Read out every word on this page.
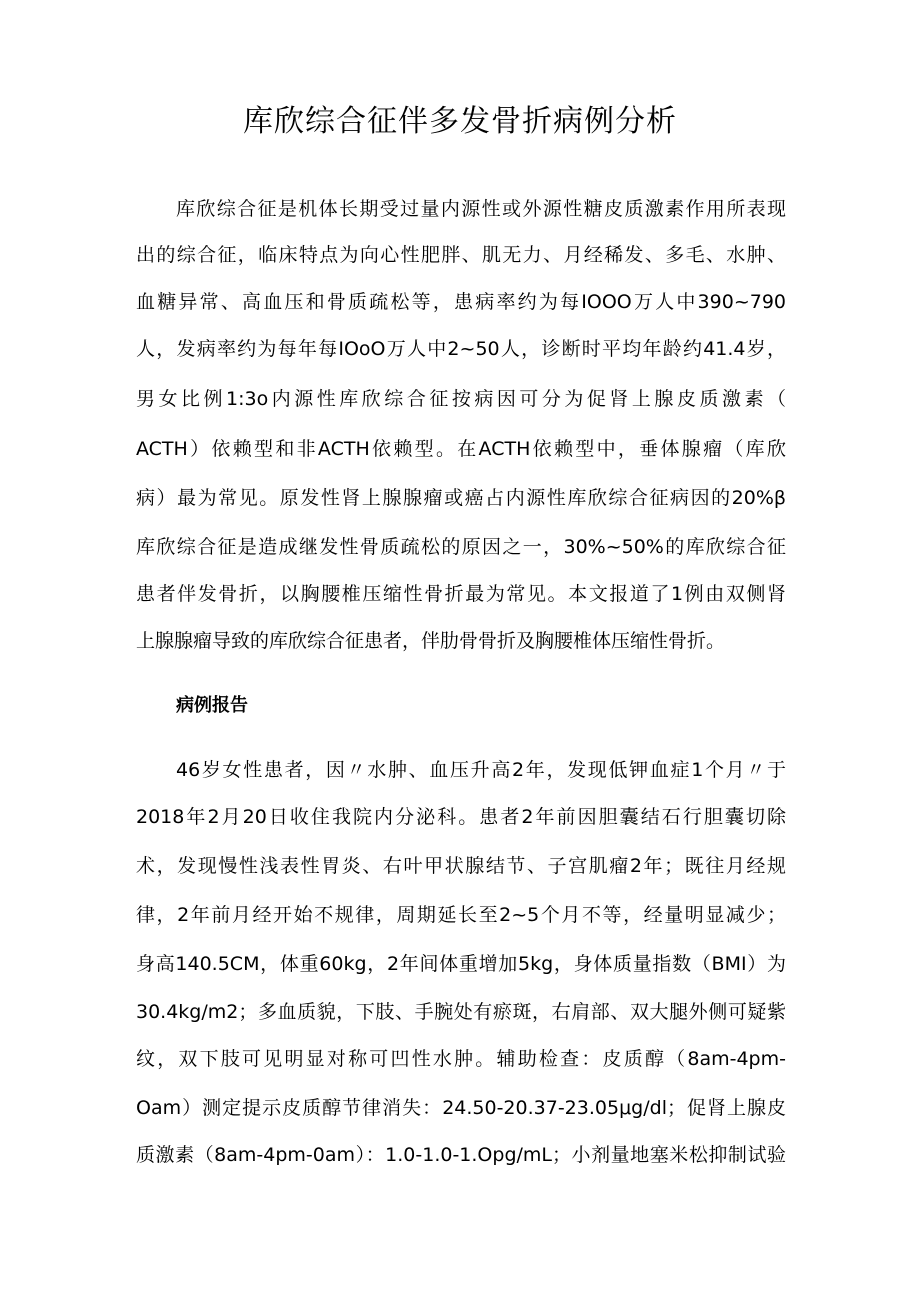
库欣综合征伴多发骨折病例分析
库欣综合征是机体长期受过量内源性或外源性糖皮质激素作用所表现
出的综合征，临床特点为向心性肥胖、肌无力、月经稀发、多毛、水肿、
血糖异常、高血压和骨质疏松等，患病率约为每IOOO万人中390~790
人，发病率约为每年每IOoO万人中2~50人，诊断时平均年龄约41.4岁，
男女比例1:3o内源性库欣综合征按病因可分为促肾上腺皮质激素（
ACTH）依赖型和非ACTH依赖型。在ACTH依赖型中，垂体腺瘤（库欣
病）最为常见。原发性肾上腺腺瘤或癌占内源性库欣综合征病因的20%β
库欣综合征是造成继发性骨质疏松的原因之一，30%~50%的库欣综合征
患者伴发骨折，以胸腰椎压缩性骨折最为常见。本文报道了1例由双侧肾
上腺腺瘤导致的库欣综合征患者，伴肋骨骨折及胸腰椎体压缩性骨折。
病例报告
46岁女性患者，因〃水肿、血压升高2年，发现低钾血症1个月〃于
2018年2月20日收住我院内分泌科。患者2年前因胆囊结石行胆囊切除
术，发现慢性浅表性胃炎、右叶甲状腺结节、子宫肌瘤2年；既往月经规
律，2年前月经开始不规律，周期延长至2~5个月不等，经量明显减少；
身高140.5CM，体重60kg，2年间体重增加5kg，身体质量指数（BMI）为
30.4kg/m2；多血质貌，下肢、手腕处有瘀斑，右肩部、双大腿外侧可疑紫
纹，双下肢可见明显对称可凹性水肿。辅助检查：皮质醇（8am-4pm-
Oam）测定提示皮质醇节律消失：24.50-20.37-23.05μg/dl；促肾上腺皮
质激素（8am-4pm-0am）：1.0-1.0-1.Opg/mL；小剂量地塞米松抑制试验
